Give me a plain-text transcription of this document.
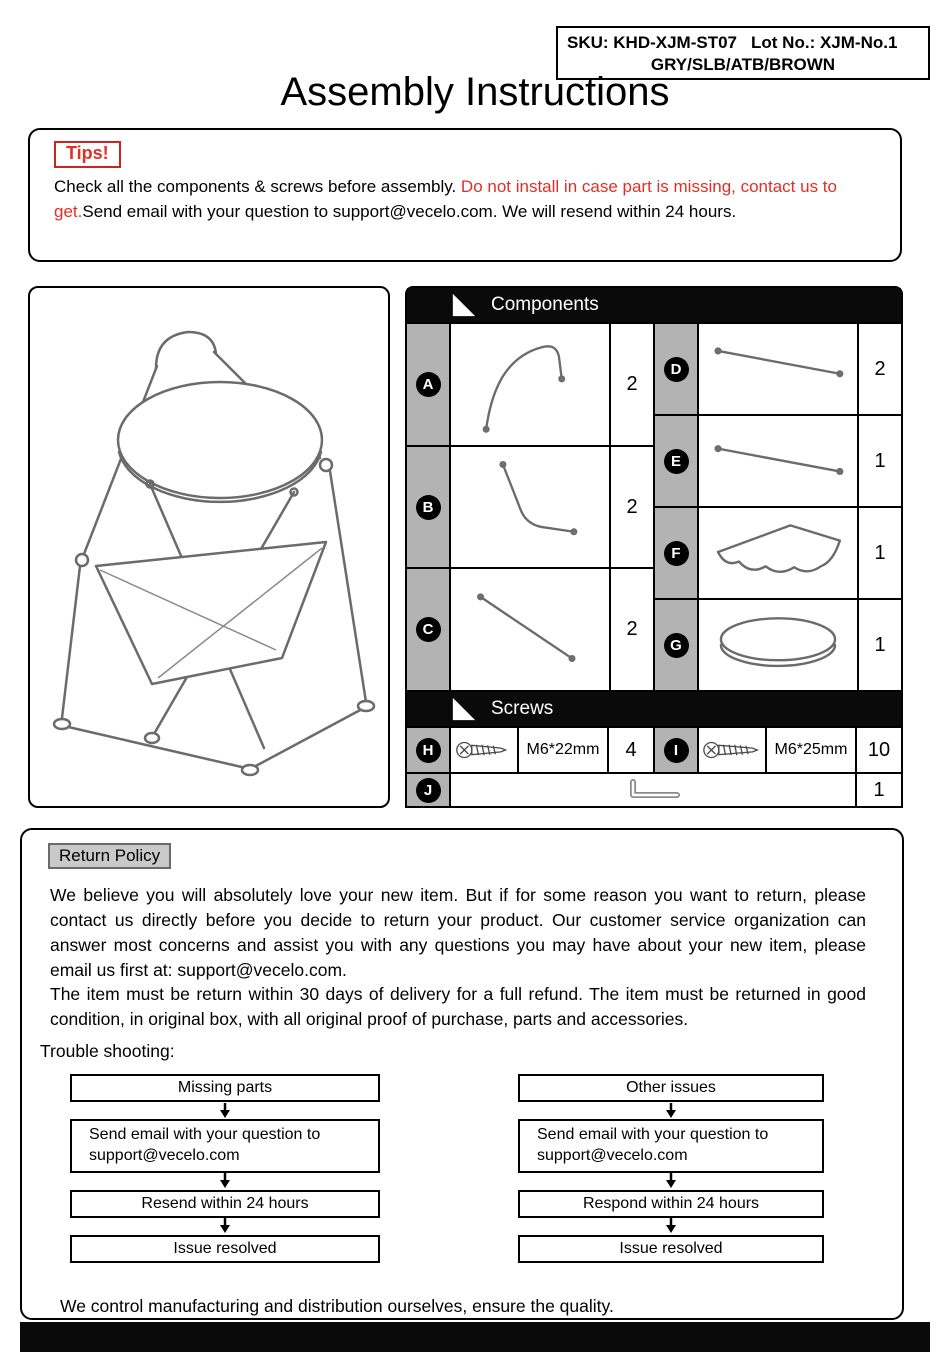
SKU: KHD-XJM-ST07 Lot No.: XJM-No.1
GRY/SLB/ATB/BROWN
Assembly Instructions
Tips!
Check all the components & screws before assembly. Do not install in case part is missing, contact us to get.Send email with your question to support@vecelo.com. We will resend within 24 hours.
Components
A	2
B	2
C	2
D	2
E	1
F	1
G	1
Screws
H	M6*22mm	4	I	M6*25mm	10
J	1
Return Policy

We believe you will absolutely love your new item. But if for some reason you want to return, please contact us directly before you decide to return your product. Our customer service organization can answer most concerns and assist you with any questions you may have about your new item, please email us first at: support@vecelo.com.

The item must be return within 30 days of delivery for a full refund. The item must be returned in good condition, in original box, with all original proof of purchase, parts and accessories.

Trouble shooting:
Missing parts
Send email with your question to
support@vecelo.com
Resend within 24 hours
Issue resolved
Other issues
Send email with your question to
support@vecelo.com
Respond within 24 hours
Issue resolved
We control manufacturing and distribution ourselves, ensure the quality.
